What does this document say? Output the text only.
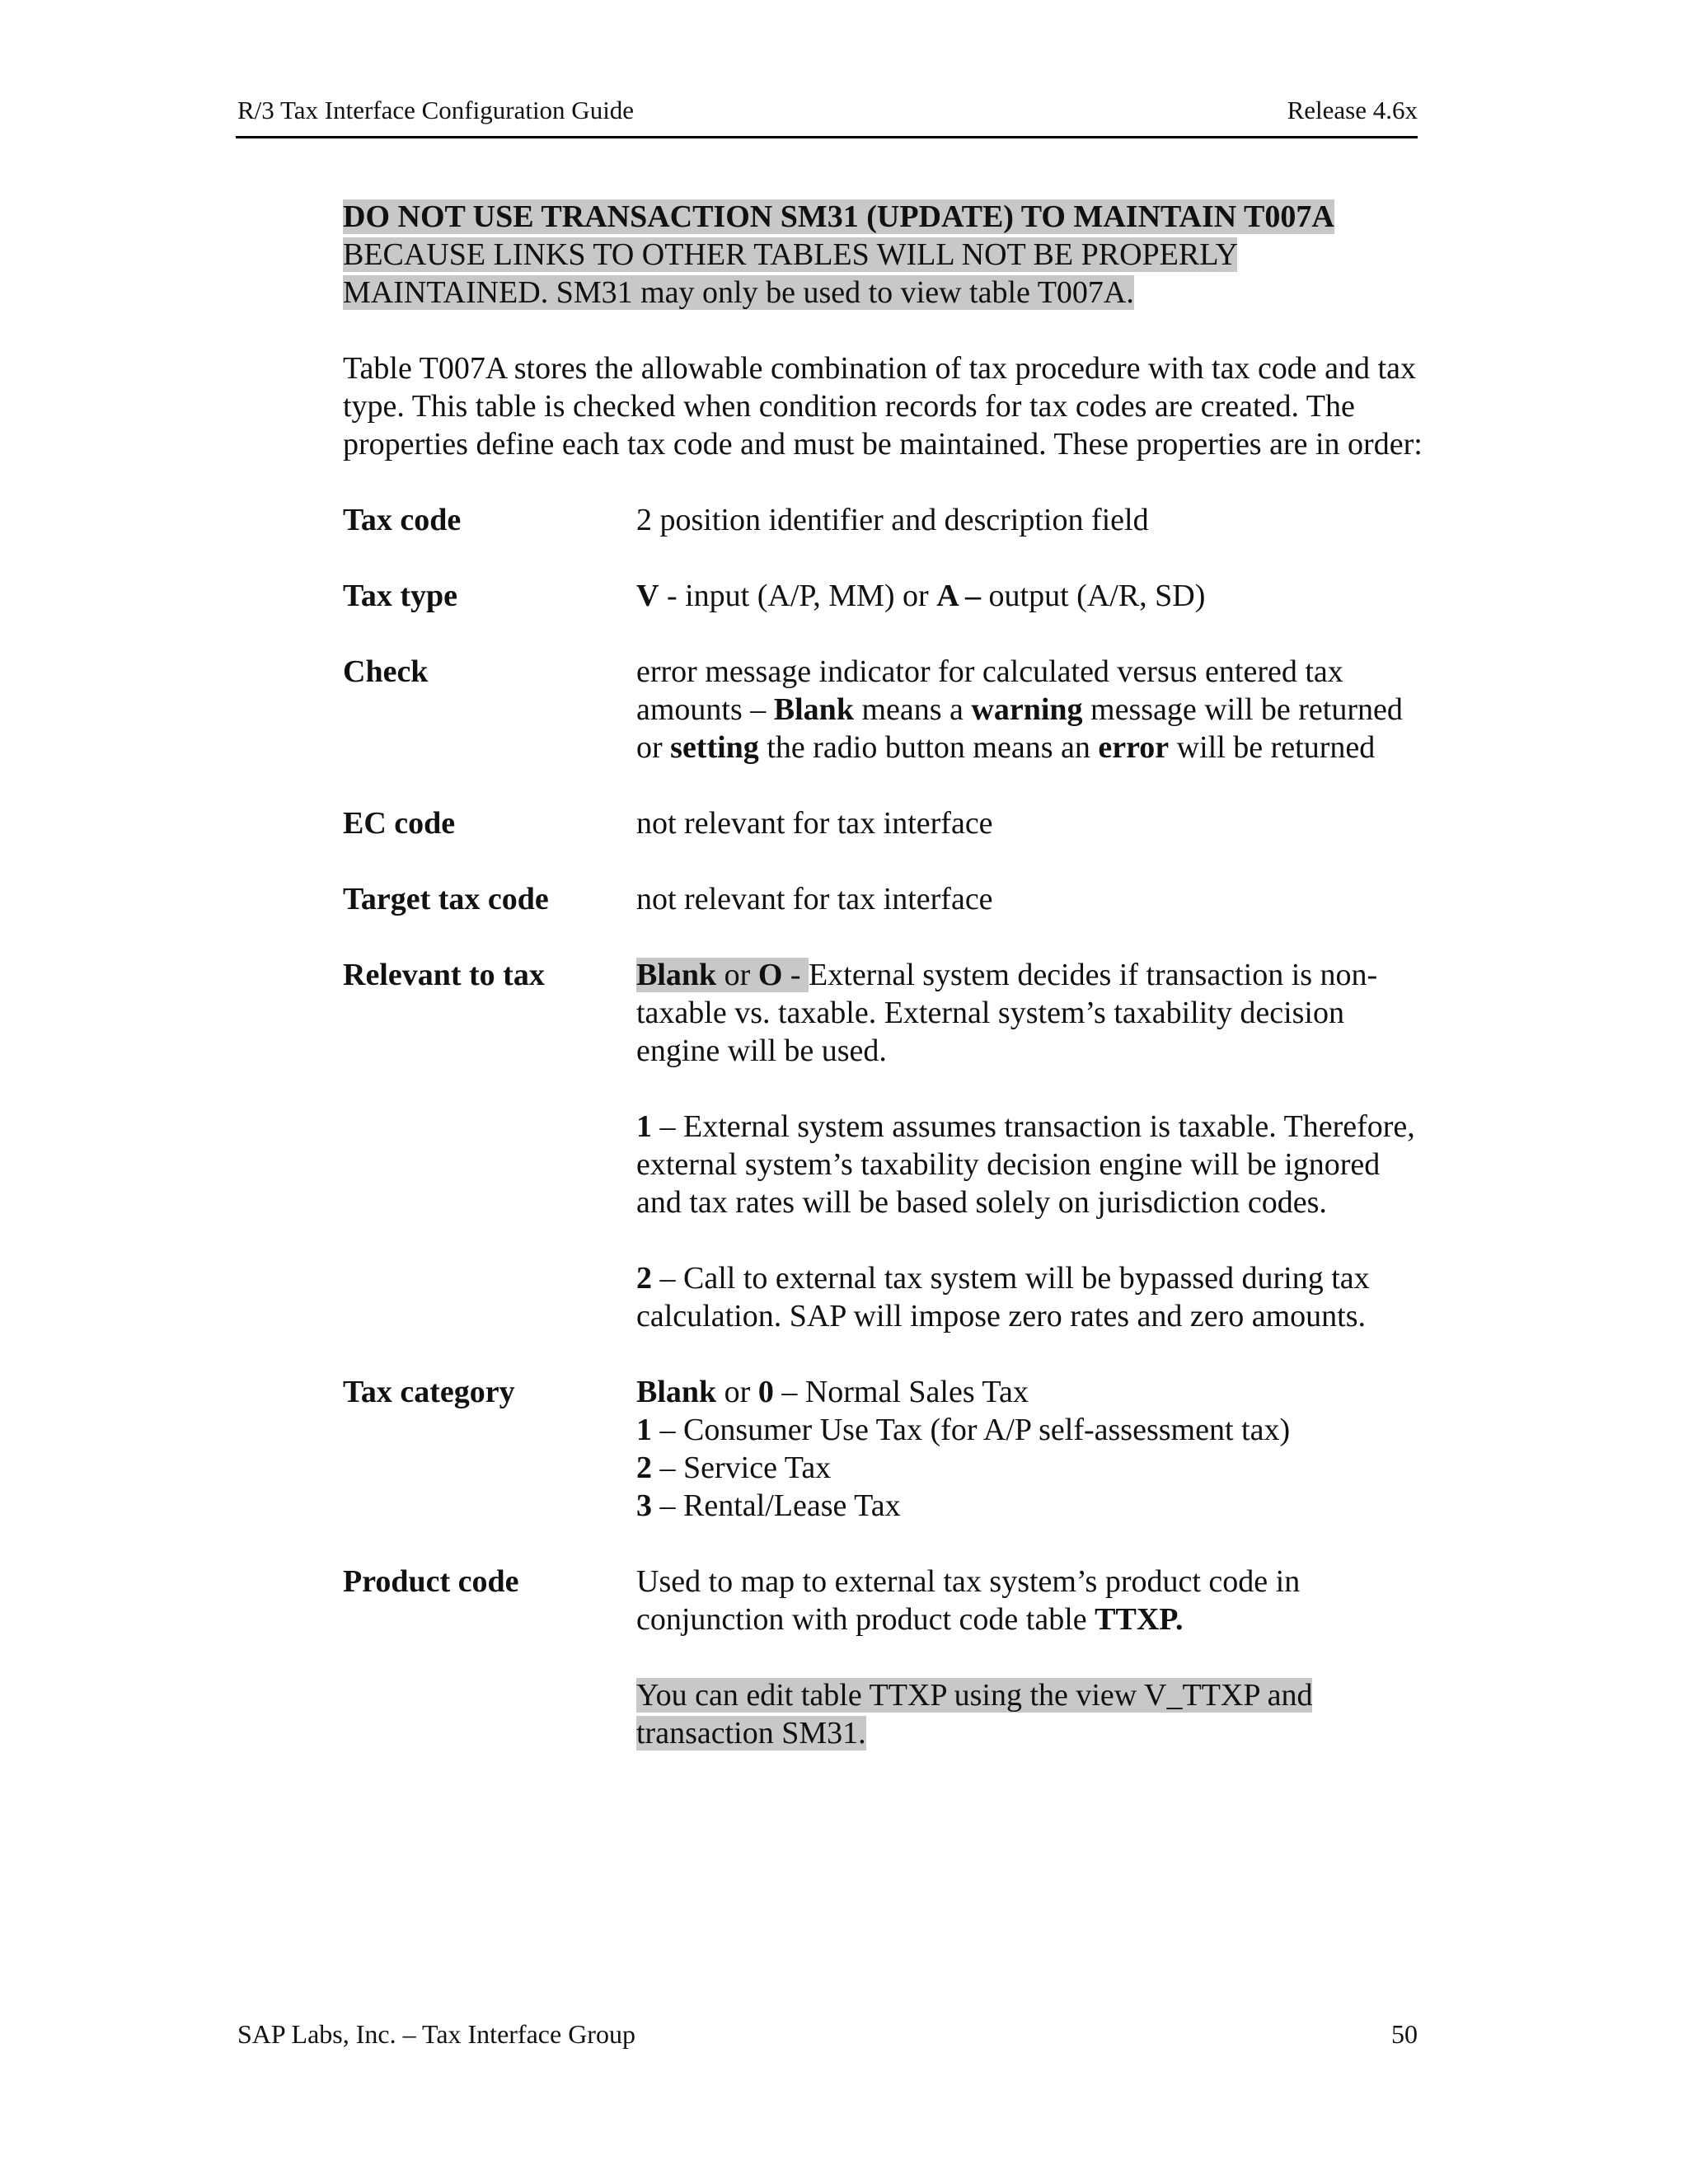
R/3 Tax Interface Configuration Guide	Release 4.6x

DO NOT USE TRANSACTION SM31 (UPDATE) TO MAINTAIN T007A BECAUSE LINKS TO OTHER TABLES WILL NOT BE PROPERLY MAINTAINED. SM31 may only be used to view table T007A.

Table T007A stores the allowable combination of tax procedure with tax code and tax type. This table is checked when condition records for tax codes are created. The properties define each tax code and must be maintained. These properties are in order:

Tax code	2 position identifier and description field
Tax type	V - input (A/P, MM) or A – output (A/R, SD)
Check	error message indicator for calculated versus entered tax amounts – Blank means a warning message will be returned or setting the radio button means an error will be returned
EC code	not relevant for tax interface
Target tax code	not relevant for tax interface
Relevant to tax	Blank or O - External system decides if transaction is non-taxable vs. taxable. External system’s taxability decision engine will be used.

1 – External system assumes transaction is taxable. Therefore, external system’s taxability decision engine will be ignored and tax rates will be based solely on jurisdiction codes.

2 – Call to external tax system will be bypassed during tax calculation. SAP will impose zero rates and zero amounts.

Tax category	Blank or 0 – Normal Sales Tax
1 – Consumer Use Tax (for A/P self-assessment tax)
2 – Service Tax
3 – Rental/Lease Tax
Product code	Used to map to external tax system’s product code in conjunction with product code table TTXP.

You can edit table TTXP using the view V_TTXP and transaction SM31.

SAP Labs, Inc. – Tax Interface Group	50
